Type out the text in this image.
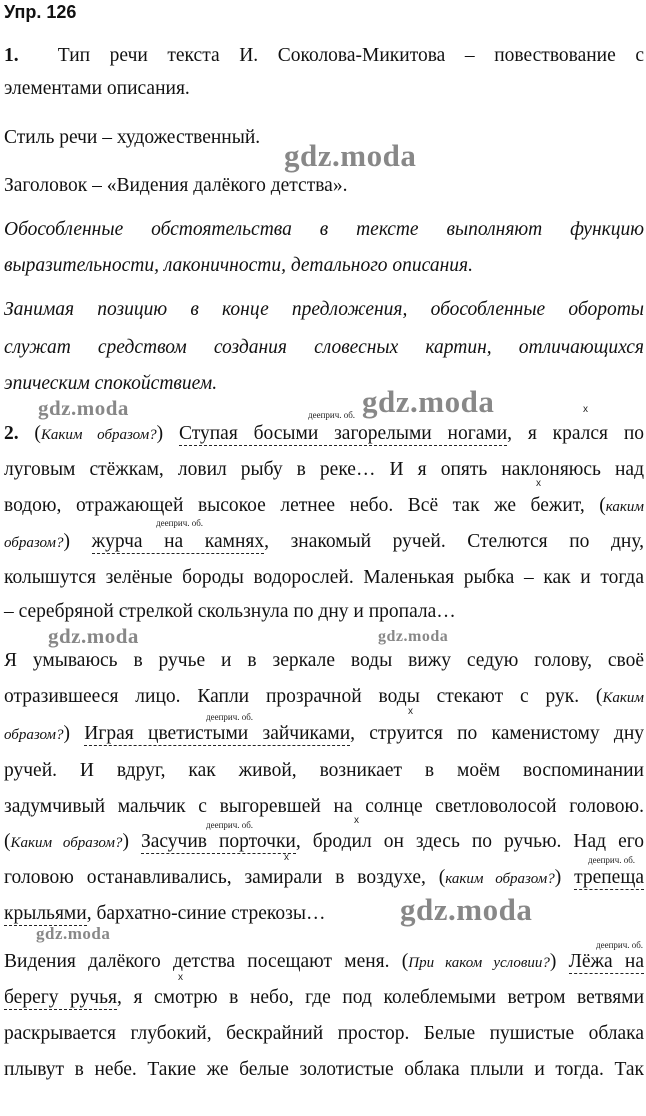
Упр. 126
1. Тип речи текста И. Соколова-Микитова – повествование с
элементами описания.
Стиль речи – художественный.
Заголовок – «Видения далёкого детства».
Обособленные обстоятельства в тексте выполняют функцию
выразительности, лаконичности, детального описания.
Занимая позицию в конце предложения, обособленные обороты
служат средством создания словесных картин, отличающихся
эпическим спокойствием.
дееприч. об.	x
2. (Каким образом?) Ступая босыми загорелыми ногами, я крался по
луговым стёжкам, ловил рыбу в реке… И я опять наклоняюсь над
x
водою, отражающей высокое летнее небо. Всё так же бежит, (каким
дееприч. об.
образом?) журча на камнях, знакомый ручей. Стелются по дну,
колышутся зелёные бороды водорослей. Маленькая рыбка – как и тогда
– серебряной стрелкой скользнула по дну и пропала…
Я умываюсь в ручье и в зеркале воды вижу седую голову, своё
отразившееся лицо. Капли прозрачной воды стекают с рук. (Каким
дееприч. об.	x
образом?) Играя цветистыми зайчиками, струится по каменистому дну
ручей. И вдруг, как живой, возникает в моём воспоминании
задумчивый мальчик с выгоревшей на солнце светловолосой головою.
дееприч. об.	x
(Каким образом?) Засучив порточки, бродил он здесь по ручью. Над его
x	дееприч. об.
головою останавливались, замирали в воздухе, (каким образом?) трепеща
крыльями, бархатно-синие стрекозы…
дееприч. об.
Видения далёкого детства посещают меня. (При каком условии?) Лёжа на
x
берегу ручья, я смотрю в небо, где под колеблемыми ветром ветвями
раскрывается глубокий, бескрайний простор. Белые пушистые облака
плывут в небе. Такие же белые золотистые облака плыли и тогда. Так
gdz.moda
gdz.moda
gdz.moda
gdz.moda	gdz.moda
gdz.moda
gdz.moda
